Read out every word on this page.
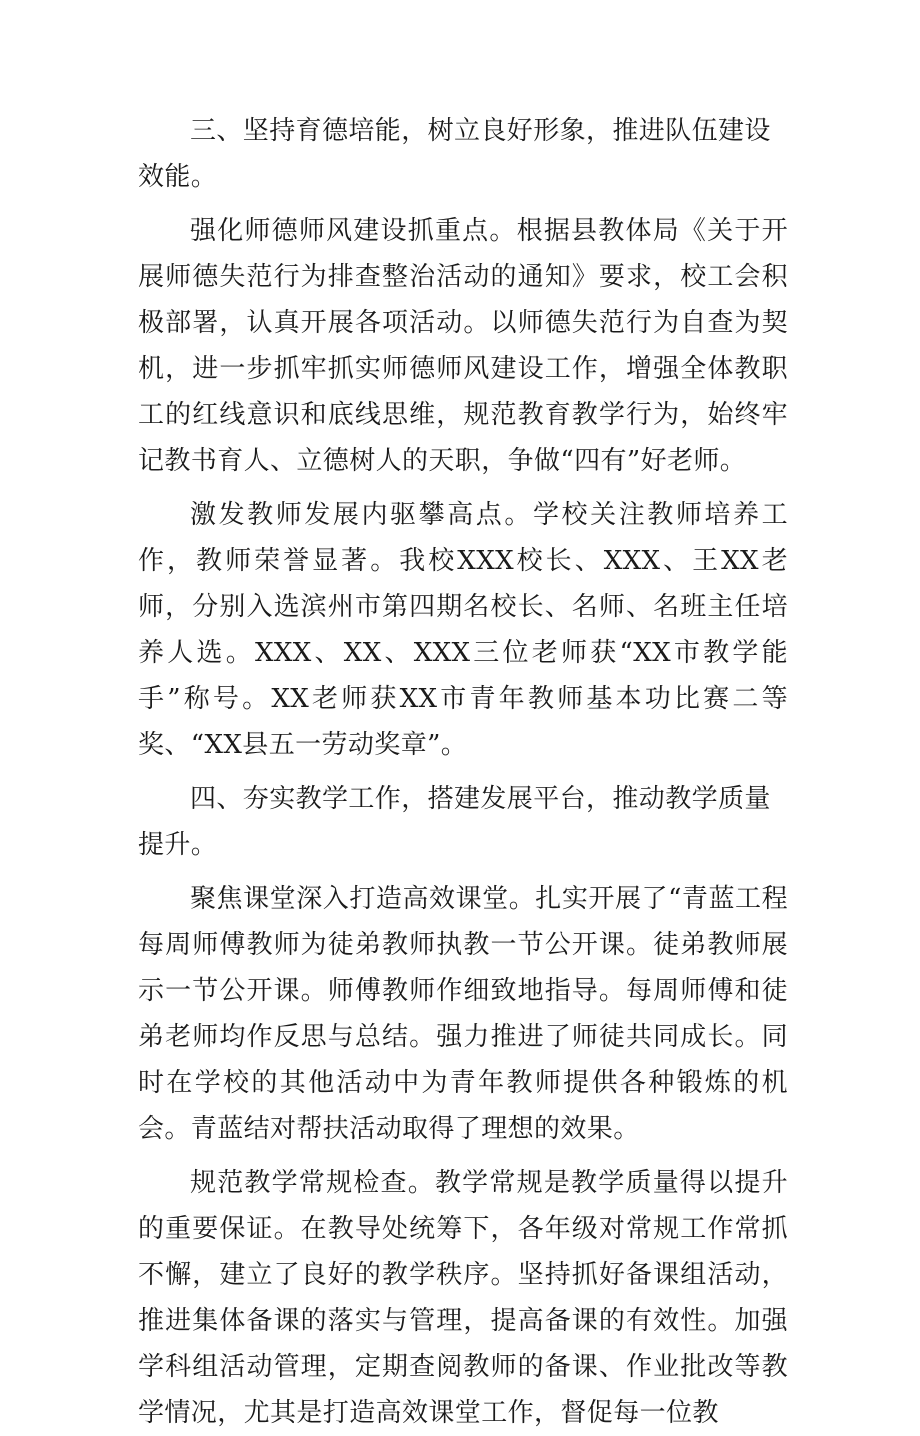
三、坚持育德培能，树立良好形象，推进队伍建设效能。

强化师德师风建设抓重点。根据县教体局《关于开展师德失范行为排查整治活动的通知》要求，校工会积极部署，认真开展各项活动。以师德失范行为自查为契机，进一步抓牢抓实师德师风建设工作，增强全体教职工的红线意识和底线思维，规范教育教学行为，始终牢记教书育人、立德树人的天职，争做“四有”好老师。

激发教师发展内驱攀高点。学校关注教师培养工作，教师荣誉显著。我校XXX校长、XXX、王XX老师，分别入选滨州市第四期名校长、名师、名班主任培养人选。XXX、XX、XXX三位老师获“XX市教学能手”称号。XX老师获XX市青年教师基本功比赛二等奖、“XX县五一劳动奖章”。

四、夯实教学工作，搭建发展平台，推动教学质量提升。

聚焦课堂深入打造高效课堂。扎实开展了“青蓝工程每周师傅教师为徒弟教师执教一节公开课。徒弟教师展示一节公开课。师傅教师作细致地指导。每周师傅和徒弟老师均作反思与总结。强力推进了师徒共同成长。同时在学校的其他活动中为青年教师提供各种锻炼的机会。青蓝结对帮扶活动取得了理想的效果。

规范教学常规检查。教学常规是教学质量得以提升的重要保证。在教导处统筹下，各年级对常规工作常抓不懈，建立了良好的教学秩序。坚持抓好备课组活动，推进集体备课的落实与管理，提高备课的有效性。加强学科组活动管理，定期查阅教师的备课、作业批改等教学情况，尤其是打造高效课堂工作，督促每一位教
